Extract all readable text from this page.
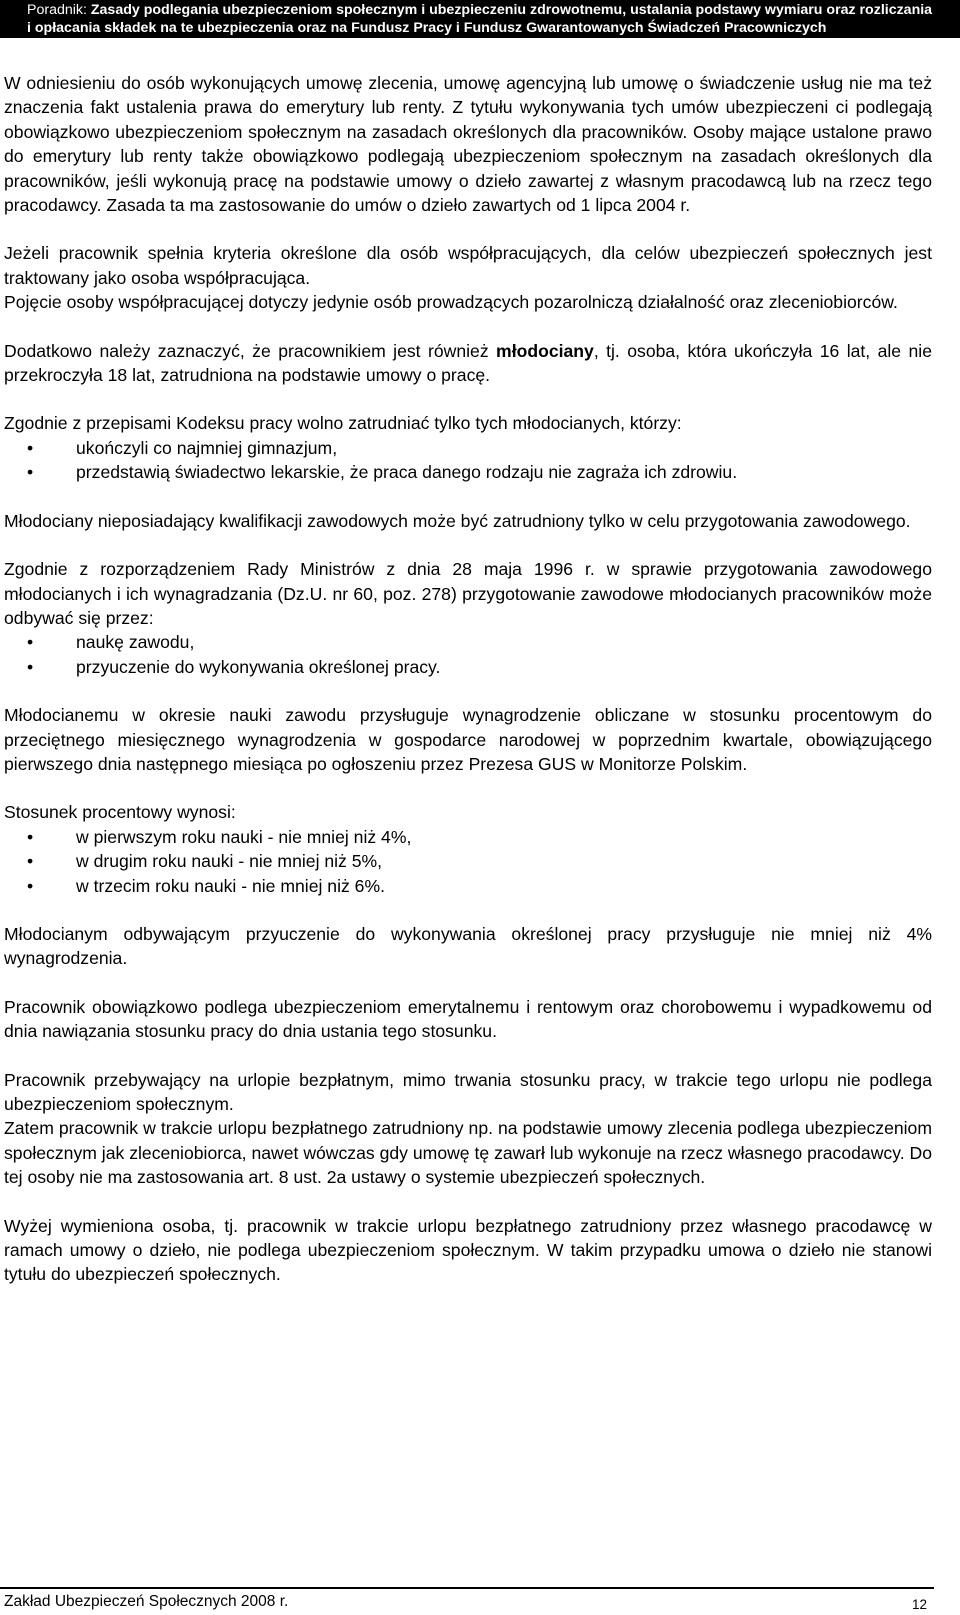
Poradnik: Zasady podlegania ubezpieczeniom społecznym i ubezpieczeniu zdrowotnemu, ustalania podstawy wymiaru oraz rozliczania i opłacania składek na te ubezpieczenia oraz na Fundusz Pracy i Fundusz Gwarantowanych Świadczeń Pracowniczych

W odniesieniu do osób wykonujących umowę zlecenia, umowę agencyjną lub umowę o świadczenie usług nie ma też znaczenia fakt ustalenia prawa do emerytury lub renty. Z tytułu wykonywania tych umów ubezpieczeni ci podlegają obowiązkowo ubezpieczeniom społecznym na zasadach określonych dla pracowników. Osoby mające ustalone prawo do emerytury lub renty także obowiązkowo podlegają ubezpieczeniom społecznym na zasadach określonych dla pracowników, jeśli wykonują pracę na podstawie umowy o dzieło zawartej z własnym pracodawcą lub na rzecz tego pracodawcy. Zasada ta ma zastosowanie do umów o dzieło zawartych od 1 lipca 2004 r.

Jeżeli pracownik spełnia kryteria określone dla osób współpracujących, dla celów ubezpieczeń społecznych jest traktowany jako osoba współpracująca.

Pojęcie osoby współpracującej dotyczy jedynie osób prowadzących pozarolniczą działalność oraz zleceniobiorców.

Dodatkowo należy zaznaczyć, że pracownikiem jest również młodociany, tj. osoba, która ukończyła 16 lat, ale nie przekroczyła 18 lat, zatrudniona na podstawie umowy o pracę.

Zgodnie z przepisami Kodeksu pracy wolno zatrudniać tylko tych młodocianych, którzy:

• ukończyli co najmniej gimnazjum,
• przedstawią świadectwo lekarskie, że praca danego rodzaju nie zagraża ich zdrowiu.

Młodociany nieposiadający kwalifikacji zawodowych może być zatrudniony tylko w celu przygotowania zawodowego.

Zgodnie z rozporządzeniem Rady Ministrów z dnia 28 maja 1996 r. w sprawie przygotowania zawodowego młodocianych i ich wynagradzania (Dz.U. nr 60, poz. 278) przygotowanie zawodowe młodocianych pracowników może odbywać się przez:

• naukę zawodu,
• przyuczenie do wykonywania określonej pracy.

Młodocianemu w okresie nauki zawodu przysługuje wynagrodzenie obliczane w stosunku procentowym do przeciętnego miesięcznego wynagrodzenia w gospodarce narodowej w poprzednim kwartale, obowiązującego pierwszego dnia następnego miesiąca po ogłoszeniu przez Prezesa GUS w Monitorze Polskim.

Stosunek procentowy wynosi:

• w pierwszym roku nauki - nie mniej niż 4%,
• w drugim roku nauki - nie mniej niż 5%,
• w trzecim roku nauki - nie mniej niż 6%.

Młodocianym odbywającym przyuczenie do wykonywania określonej pracy przysługuje nie mniej niż 4% wynagrodzenia.

Pracownik obowiązkowo podlega ubezpieczeniom emerytalnemu i rentowym oraz chorobowemu i wypadkowemu od dnia nawiązania stosunku pracy do dnia ustania tego stosunku.

Pracownik przebywający na urlopie bezpłatnym, mimo trwania stosunku pracy, w trakcie tego urlopu nie podlega ubezpieczeniom społecznym.

Zatem pracownik w trakcie urlopu bezpłatnego zatrudniony np. na podstawie umowy zlecenia podlega ubezpieczeniom społecznym jak zleceniobiorca, nawet wówczas gdy umowę tę zawarł lub wykonuje na rzecz własnego pracodawcy. Do tej osoby nie ma zastosowania art. 8 ust. 2a ustawy o systemie ubezpieczeń społecznych.

Wyżej wymieniona osoba, tj. pracownik w trakcie urlopu bezpłatnego zatrudniony przez własnego pracodawcę w ramach umowy o dzieło, nie podlega ubezpieczeniom społecznym. W takim przypadku umowa o dzieło nie stanowi tytułu do ubezpieczeń społecznych.

Zakład Ubezpieczeń Społecznych 2008 r.	12
